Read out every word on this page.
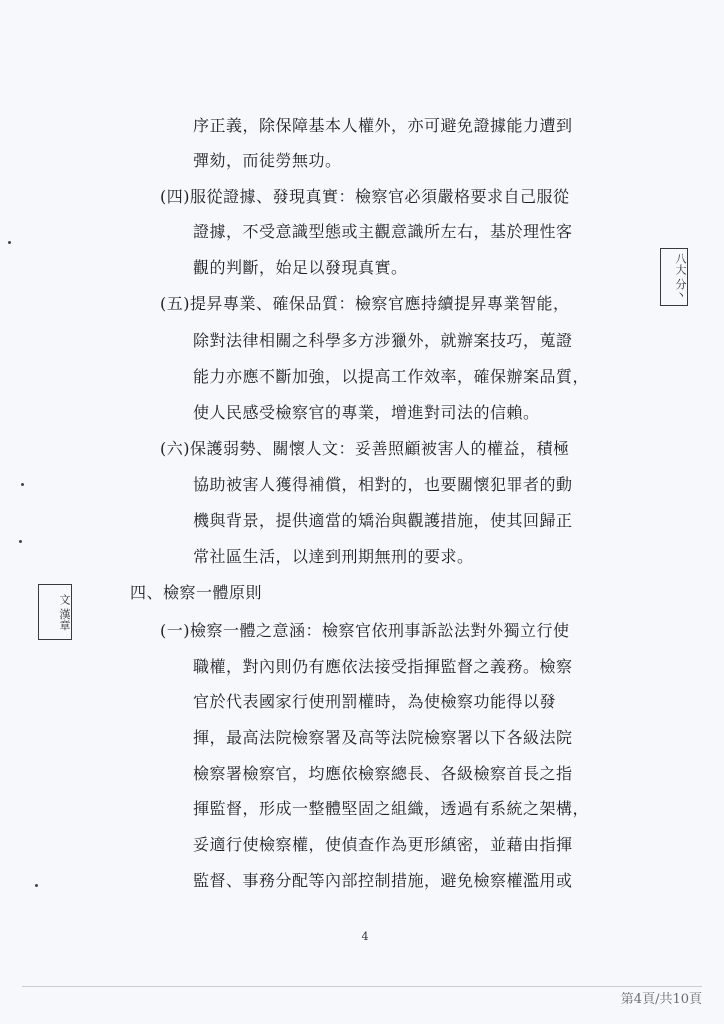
序正義，除保障基本人權外，亦可避免證據能力遭到
彈劾，而徒勞無功。
(四)服從證據、發現真實：檢察官必須嚴格要求自己服從
證據，不受意識型態或主觀意識所左右，基於理性客
觀的判斷，始足以發現真實。
(五)提昇專業、確保品質：檢察官應持續提昇專業智能，
除對法律相關之科學多方涉獵外，就辦案技巧，蒐證
能力亦應不斷加強，以提高工作效率，確保辦案品質，
使人民感受檢察官的專業，增進對司法的信賴。
(六)保護弱勢、關懷人文：妥善照顧被害人的權益，積極
協助被害人獲得補償，相對的，也要關懷犯罪者的動
機與背景，提供適當的矯治與觀護措施，使其回歸正
常社區生活，以達到刑期無刑的要求。
四、檢察一體原則
(一)檢察一體之意涵：檢察官依刑事訴訟法對外獨立行使
職權，對內則仍有應依法接受指揮監督之義務。檢察
官於代表國家行使刑罰權時，為使檢察功能得以發
揮，最高法院檢察署及高等法院檢察署以下各級法院
檢察署檢察官，均應依檢察總長、各級檢察首長之指
揮監督，形成一整體堅固之組織，透過有系統之架構，
妥適行使檢察權，使偵查作為更形縝密，並藉由指揮
監督、事務分配等內部控制措施，避免檢察權濫用或
八大 分丶
文 漢章
4
第4頁/共10頁
